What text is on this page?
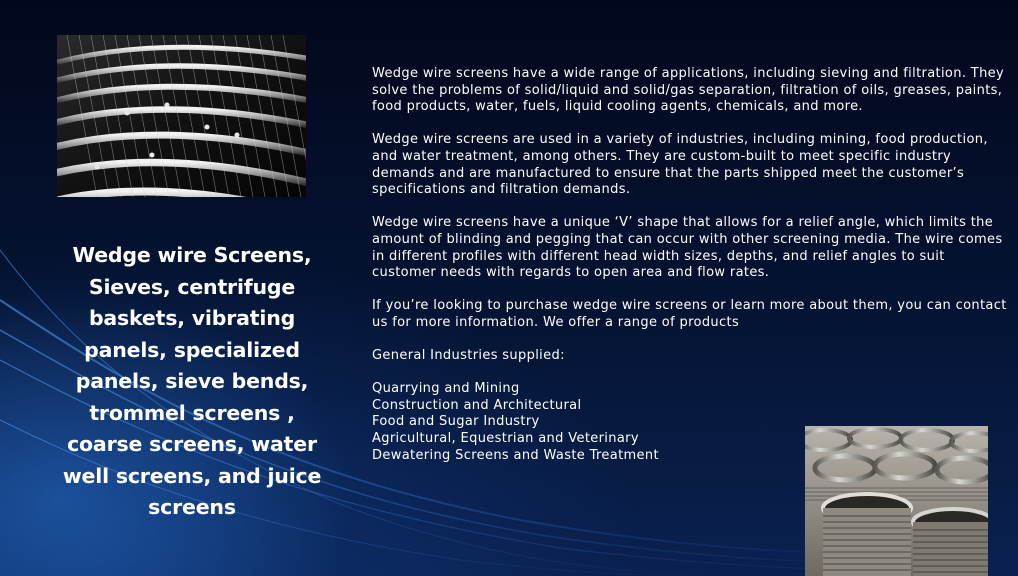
Wedge wire Screens, Sieves, centrifuge baskets, vibrating panels, specialized panels, sieve bends, trommel screens , coarse screens, water well screens, and juice screens

Wedge wire screens have a wide range of applications, including sieving and filtration. They solve the problems of solid/liquid and solid/gas separation, filtration of oils, greases, paints, food products, water, fuels, liquid cooling agents, chemicals, and more.

Wedge wire screens are used in a variety of industries, including mining, food production, and water treatment, among others. They are custom-built to meet specific industry demands and are manufactured to ensure that the parts shipped meet the customer’s specifications and filtration demands.

Wedge wire screens have a unique ‘V’ shape that allows for a relief angle, which limits the amount of blinding and pegging that can occur with other screening media. The wire comes in different profiles with different head width sizes, depths, and relief angles to suit customer needs with regards to open area and flow rates.

If you’re looking to purchase wedge wire screens or learn more about them, you can contact us for more information. We offer a range of products

General Industries supplied:

Quarrying and Mining
Construction and Architectural
Food and Sugar Industry
Agricultural, Equestrian and Veterinary
Dewatering Screens and Waste Treatment
